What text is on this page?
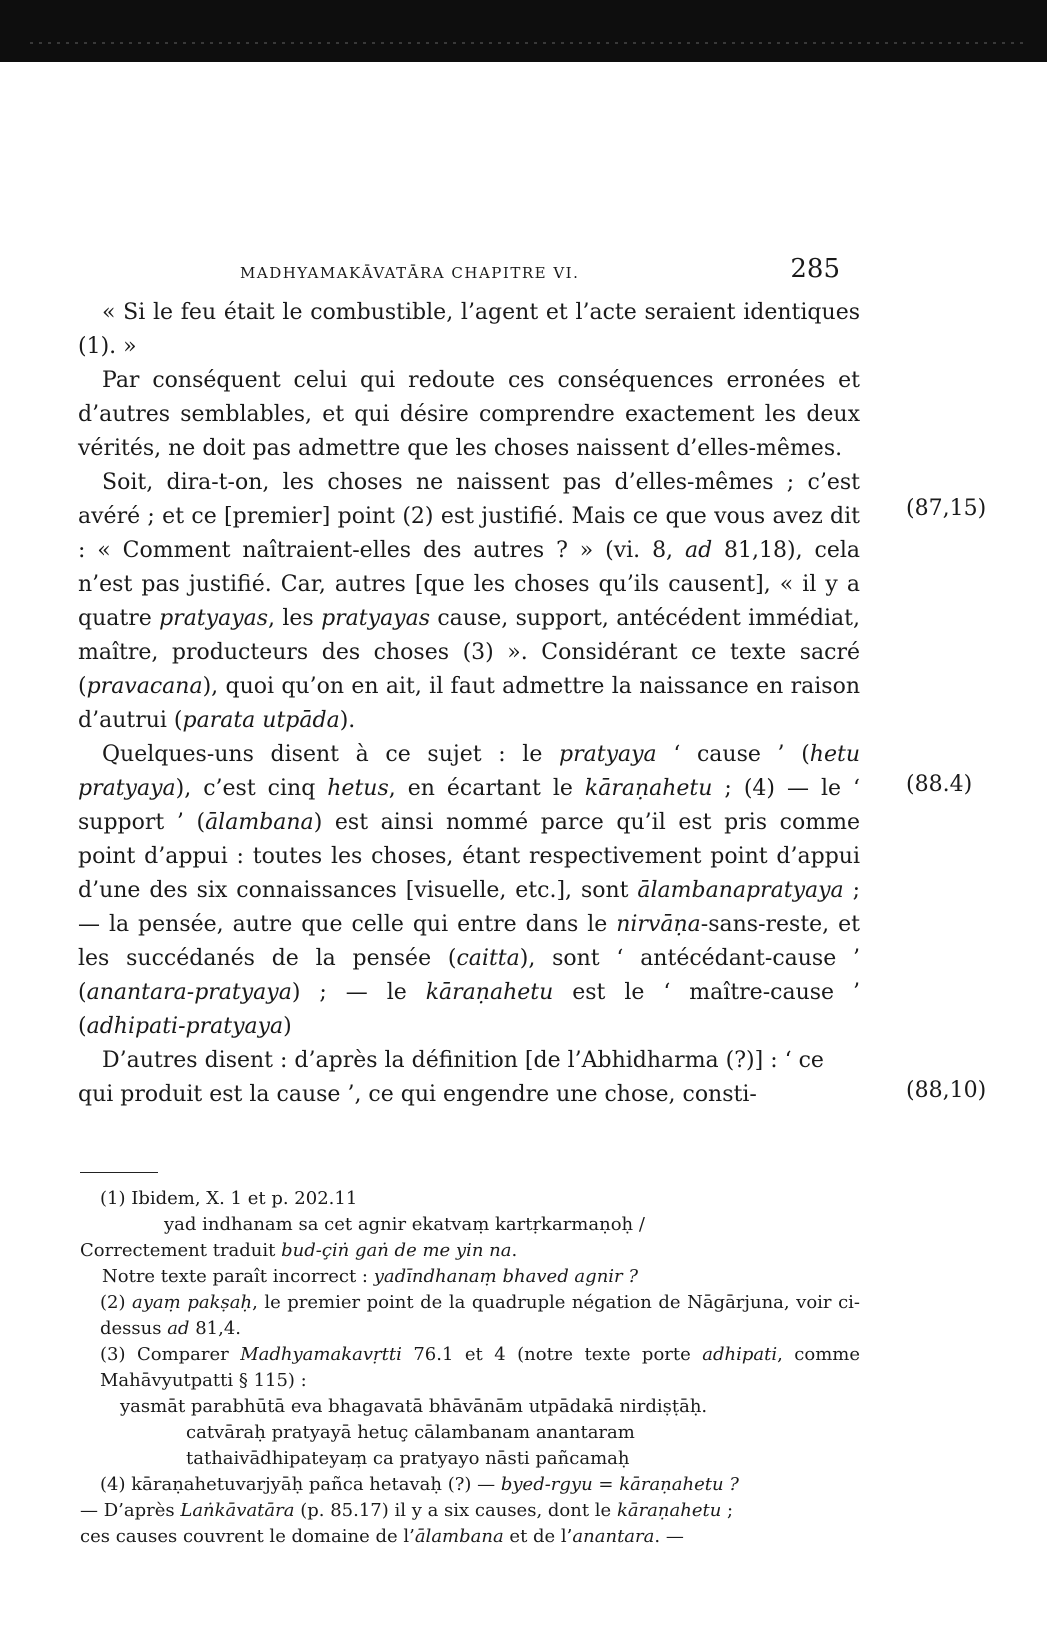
MADHYAMAKĀVATĀRA CHAPITRE VI.	285

« Si le feu était le combustible, l’agent et l’acte seraient identiques (1). »

Par conséquent celui qui redoute ces conséquences erronées et d’autres semblables, et qui désire comprendre exactement les deux vérités, ne doit pas admettre que les choses naissent d’elles-mêmes.

Soit, dira-t-on, les choses ne naissent pas d’elles-mêmes ; c’est avéré ; et ce [premier] point (2) est justifié. Mais ce que vous avez dit : « Comment naîtraient-elles des autres ? » (vi. 8, ad 81,18), cela n’est pas justifié. Car, autres [que les choses qu’ils causent], « il y a quatre pratyayas, les pratyayas cause, support, antécédent immédiat, maître, producteurs des choses (3) ». Considérant ce texte sacré (pravacana), quoi qu’on en ait, il faut admettre la naissance en raison d’autrui (parata utpāda).

Quelques-uns disent à ce sujet : le pratyaya ‘ cause ’ (hetu pratyaya), c’est cinq hetus, en écartant le kāraṇahetu ; (4) — le ‘ support ’ (ālambana) est ainsi nommé parce qu’il est pris comme point d’appui : toutes les choses, étant respectivement point d’appui d’une des six connaissances [visuelle, etc.], sont ālambanapratyaya ; — la pensée, autre que celle qui entre dans le nirvāṇa-sans-reste, et les succédanés de la pensée (caitta), sont ‘ antécédant-cause ’ (anantara-pratyaya) ; — le kāraṇahetu est le ‘ maître-cause ’ (adhipati-pratyaya)

D’autres disent : d’après la définition [de l’Abhidharma (?)] : ‘ ce qui produit est la cause ’, ce qui engendre une chose, consti-

(87,15)
(88.4)
(88,10)

(1) Ibidem, X. 1 et p. 202.11

yad indhanam sa cet agnir ekatvaṃ kartṛkarmaṇoḥ /

Correctement traduit bud-çiṅ gaṅ de me yin na.

Notre texte paraît incorrect : yadīndhanaṃ bhaved agnir ?

(2) ayaṃ pakṣaḥ, le premier point de la quadruple négation de Nāgārjuna, voir ci-dessus ad 81,4.

(3) Comparer Madhyamakavṛtti 76.1 et 4 (notre texte porte adhipati, comme Mahāvyutpatti § 115) :

yasmāt parabhūtā eva bhagavatā bhāvānām utpādakā nirdiṣṭāḥ.

catvāraḥ pratyayā hetuç cālambanam anantaram

tathaivādhipateyaṃ ca pratyayo nāsti pañcamaḥ

(4) kāraṇahetuvarjyāḥ pañca hetavaḥ (?) — byed-rgyu = kāraṇahetu ?

— D’après Laṅkāvatāra (p. 85.17) il y a six causes, dont le kāraṇahetu ;

ces causes couvrent le domaine de l’ālambana et de l’anantara. —
